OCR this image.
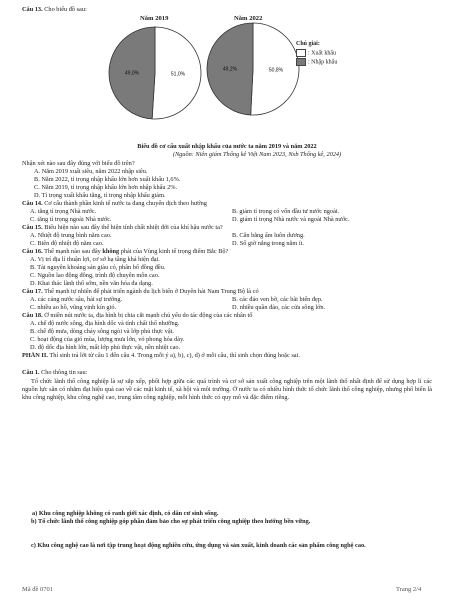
Câu 13. Cho biểu đồ sau:
Năm 2019	Năm 2022
51,0%
49,0%	50,8%
49,2%
Chú giải:
: Xuất khẩu
: Nhập khẩu
Biểu đồ cơ cấu xuất nhập khẩu của nước ta năm 2019 và năm 2022
(Nguồn: Niên giám Thống kê Việt Nam 2023, Nxb Thống kê, 2024)
Nhận xét nào sau đây đúng với biểu đồ trên?
A. Năm 2019 xuất siêu, năm 2022 nhập siêu.
B. Năm 2022, tỉ trọng nhập khẩu lớn hơn xuất khẩu 1,6%.
C. Năm 2019, tỉ trọng nhập khẩu lớn hơn nhập khẩu 2%.
D. Tỉ trọng xuất khẩu tăng, tỉ trọng nhập khẩu giảm.
Câu 14. Cơ cấu thành phần kinh tế nước ta đang chuyển dịch theo hướng
A. tăng tỉ trọng Nhà nước.	B. giảm tỉ trọng có vốn đầu tư nước ngoài.
C. tăng tỉ trọng ngoài Nhà nước.	D. giảm tỉ trọng Nhà nước và ngoài Nhà nước.
Câu 15. Biểu hiện nào sau đây thể hiện tính chất nhiệt đới của khí hậu nước ta?
A. Nhiệt độ trung bình năm cao.	B. Cân bằng ẩm luôn dương.
C. Biên độ nhiệt độ năm cao.	D. Số giờ nắng trong năm ít.
Câu 16. Thế mạnh nào sau đây không phải của Vùng kinh tế trọng điểm Bắc Bộ?
A. Vị trí địa lí thuận lợi, cơ sở hạ tầng khá hiện đại.
B. Tài nguyên khoáng sản giàu có, phân bố đồng đều.
C. Nguồn lao động đông, trình độ chuyên môn cao.
D. Khai thác lãnh thổ sớm, nền văn hóa đa dạng.
Câu 17. Thế mạnh tự nhiên để phát triển ngành du lịch biển ở Duyên hải Nam Trung Bộ là có
A. các cảng nước sâu, hải sự trường.	B. các đảo ven bờ, các bãi biển đẹp.
C. nhiều ao hồ, vũng vịnh kín gió.	D. nhiều quần đảo, các cửa sông lớn.
Câu 18. Ở miền núi nước ta, địa hình bị chia cắt mạnh chủ yếu do tác động của các nhân tố
A. chế độ nước sông, địa hình dốc và tính chất thổ nhưỡng.
B. chế độ mưa, dòng chảy sông ngòi và lớp phủ thực vật.
C. hoạt động của gió mùa, lượng mưa lớn, vỏ phong hóa dày.
D. độ dốc địa hình lớn, mất lớp phủ thực vật, nền nhiệt cao.
PHẦN II. Thí sinh trả lời từ câu 1 đến câu 4. Trong mỗi ý a), b), c), d) ở mỗi câu, thí sinh chọn đúng hoặc sai.
Câu 1. Cho thông tin sau:
Tổ chức lãnh thổ công nghiệp là sự sắp xếp, phối hợp giữa các quá trình và cơ sở sản xuất công nghiệp trên một lãnh thổ nhất định để sử dụng hợp lí các nguồn lực sẵn có nhằm đạt hiệu quả cao về các mặt kinh tế, xã hội và môi trường. Ở nước ta có nhiều hình thức tổ chức lãnh thổ công nghiệp, nhưng phổ biến là khu công nghiệp, khu công nghệ cao, trung tâm công nghiệp, mỗi hình thức có quy mô và đặc điểm riêng.
a) Khu công nghiệp không có ranh giới xác định, có dân cư sinh sống.
b) Tổ chức lãnh thổ công nghiệp góp phần đảm bảo cho sự phát triển công nghiệp theo hướng bền vững.
c) Khu công nghệ cao là nơi tập trung hoạt động nghiên cứu, ứng dụng và sản xuất, kinh doanh các sản phẩm công nghệ cao.
Mã đề 0701	Trang 2/4
